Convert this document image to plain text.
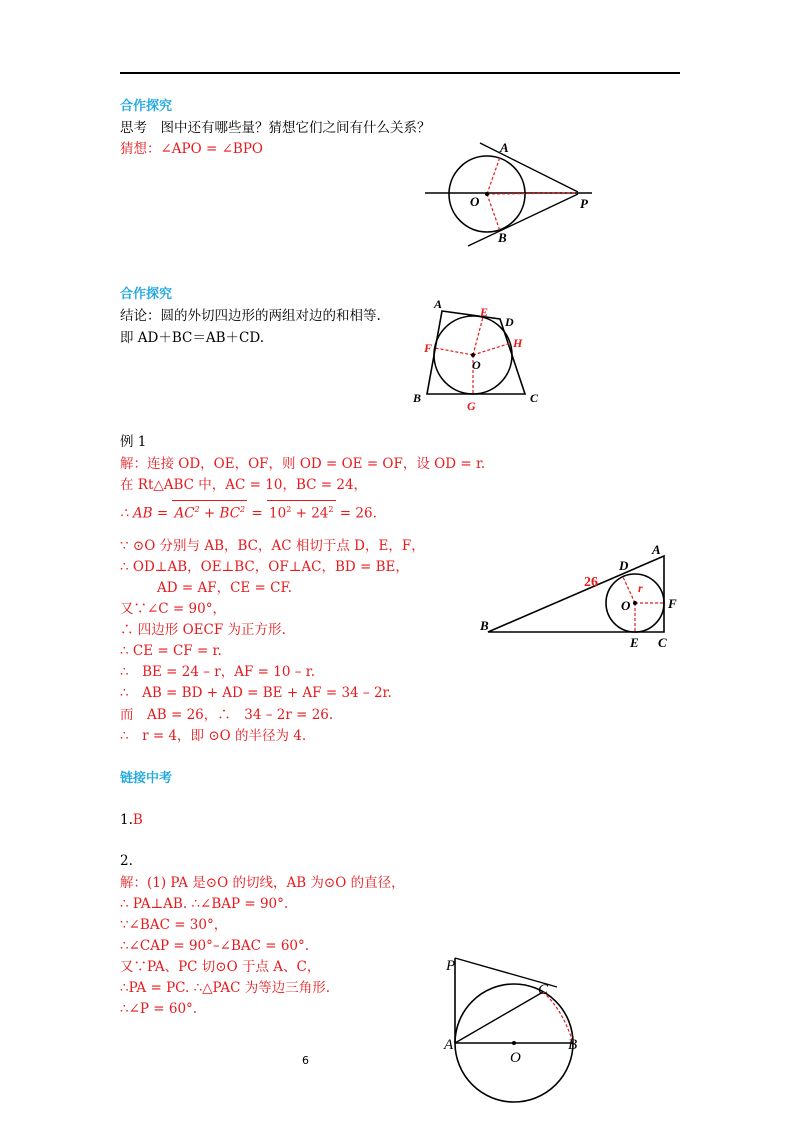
合作探究
思考　图中还有哪些量？猜想它们之间有什么关系？
猜想：∠APO = ∠BPO	A
B
O	P
合作探究
结论：圆的外切四边形的两组对边的和相等.
即 AD＋BC＝AB＋CD.
A
B	C
D
E
F
G
H
O
例 1
解：连接 OD，OE，OF，则 OD = OE = OF，设 OD = r.
在 Rt△ABC 中，AC = 10，BC = 24，
∴ AB = $AC^2 + BC^2 = 10^2 + 24^2 = 26$.
∵ ⊙O 分别与 AB，BC，AC 相切于点 D，E，F，
∴ OD⊥AB，OE⊥BC，OF⊥AC，BD = BE，
AD = AF，CE = CF.
又∵∠C = 90°，
∴ 四边形 OECF 为正方形.
∴ CE = CF = r.
∴　BE = 24 – r，AF = 10 – r.
∴　AB = BD + AD = BE + AF = 34 – 2r.
而　AB = 26，∴　34 – 2r = 26.
∴　r = 4，即 ⊙O 的半径为 4.
A
B
C
D
E
F
O
r
26
链接中考
1.B
2.
解：(1) PA 是⊙O 的切线，AB 为⊙O 的直径，
∴ PA⊥AB. ∴∠BAP = 90°.
∵∠BAC = 30°，
∴∠CAP = 90°–∠BAC = 60°.
又∵PA、PC 切⊙O 于点 A、C，
∴PA = PC. ∴△PAC 为等边三角形.
∴∠P = 60°.
P
A	B
C
O
6
